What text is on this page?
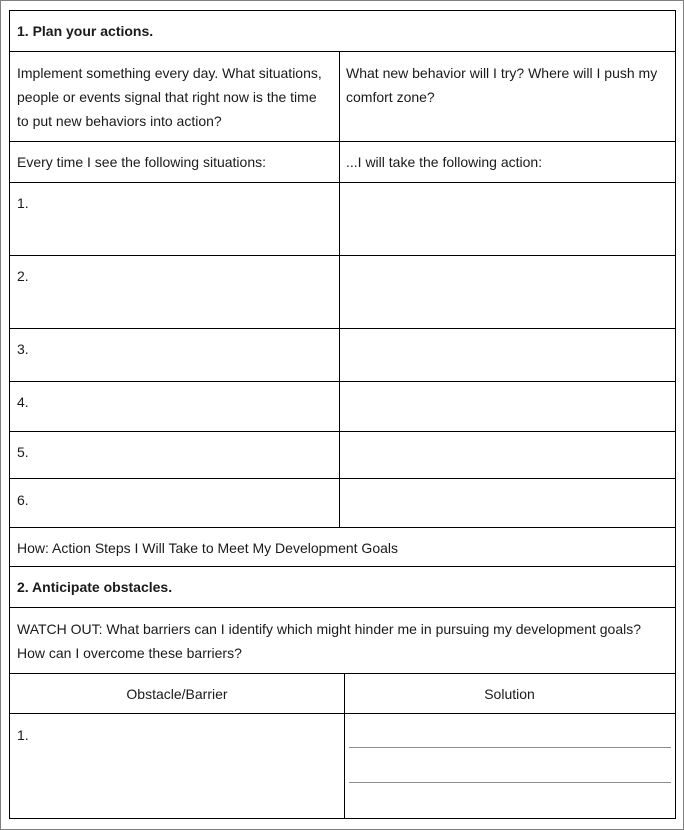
1. Plan your actions.
Implement something every day. What situations, people or events signal that right now is the time to put new behaviors into action?
What new behavior will I try? Where will I push my comfort zone?
Every time I see the following situations:	...I will take the following action:
1.
2.
3.
4.
5.
6.
How: Action Steps I Will Take to Meet My Development Goals
2. Anticipate obstacles.
WATCH OUT: What barriers can I identify which might hinder me in pursuing my development goals? How can I overcome these barriers?
Obstacle/Barrier	Solution
1.
